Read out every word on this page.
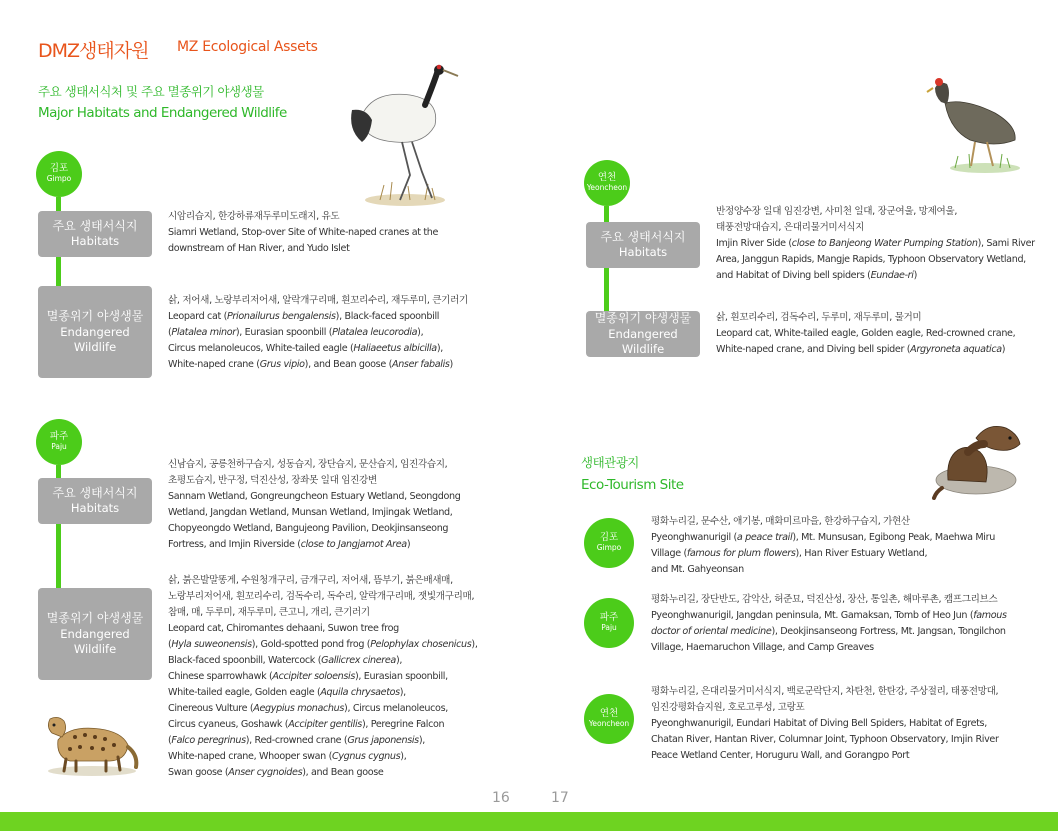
DMZ생태자원 MZ Ecological Assets
주요 생태서식처 및 주요 멸종위기 야생생물
Major Habitats and Endangered Wildlife
김포
Gimpo
주요 생태서식지
Habitats

시암리습지, 한강하류재두루미도래지, 유도

Siamri Wetland, Stop-over Site of White-naped cranes at the

downstream of Han River, and Yudo Islet

멸종위기 야생생물
Endangered Wildlife

삵, 저어새, 노랑부리저어새, 알락개구리매, 흰꼬리수리, 재두루미, 큰기러기

Leopard cat (Prionailurus bengalensis), Black-faced spoonbill

(Platalea minor), Eurasian spoonbill (Platalea leucorodia),

Circus melanoleucos, White-tailed eagle (Haliaeetus albicilla),

White-naped crane (Grus vipio), and Bean goose (Anser fabalis)

파주
Paju
주요 생태서식지
Habitats

신남습지, 공릉천하구습지, 성동습지, 장단습지, 문산습지, 임진각습지,

초평도습지, 반구정, 덕진산성, 장좌못 일대 임진강변

Sannam Wetland, Gongreungcheon Estuary Wetland, Seongdong

Wetland, Jangdan Wetland, Munsan Wetland, Imjingak Wetland,

Chopyeongdo Wetland, Bangujeong Pavilion, Deokjinsanseong

Fortress, and Imjin Riverside (close to Jangjamot Area)

멸종위기 야생생물
Endangered Wildlife

삵, 붉은발말똥게, 수원청개구리, 금개구리, 저어새, 뜸부기, 붉은배새매,

노랑부리저어새, 흰꼬리수리, 검독수리, 독수리, 알락개구리매, 잿빛개구리매,

참매, 매, 두루미, 재두루미, 큰고니, 개리, 큰기러기

Leopard cat, Chiromantes dehaani, Suwon tree frog

(Hyla suweonensis), Gold-spotted pond frog (Pelophylax chosenicus),

Black-faced spoonbill, Watercock (Gallicrex cinerea),

Chinese sparrowhawk (Accipiter soloensis), Eurasian spoonbill,

White-tailed eagle, Golden eagle (Aquila chrysaetos),

Cinereous Vulture (Aegypius monachus), Circus melanoleucos,

Circus cyaneus, Goshawk (Accipiter gentilis), Peregrine Falcon

(Falco peregrinus), Red-crowned crane (Grus japonensis),

White-naped crane, Whooper swan (Cygnus cygnus),

Swan goose (Anser cygnoides), and Bean goose

연천
Yeoncheon
주요 생태서식지
Habitats

반정양수장 일대 임진강변, 사미천 일대, 장군여울, 망제여울,

태풍전망대습지, 은대리물거미서식지

Imjin River Side (close to Banjeong Water Pumping Station), Sami River

Area, Janggun Rapids, Mangje Rapids, Typhoon Observatory Wetland,

and Habitat of Diving bell spiders (Eundae-ri)

멸종위기 야생생물
Endangered Wildlife

삵, 흰꼬리수리, 검독수리, 두루미, 재두루미, 물거미

Leopard cat, White-tailed eagle, Golden eagle, Red-crowned crane,

White-naped crane, and Diving bell spider (Argyroneta aquatica)

생태관광지
Eco-Tourism Site
김포
Gimpo

평화누리길, 문수산, 애기봉, 매화미르마을, 한강하구습지, 가현산

Pyeonghwanurigil (a peace trail), Mt. Munsusan, Egibong Peak, Maehwa Miru

Village (famous for plum flowers), Han River Estuary Wetland,

and Mt. Gahyeonsan

파주
Paju

평화누리길, 장단반도, 감악산, 허준묘, 덕진산성, 장산, 통일촌, 해마루촌, 캠프그리브스

Pyeonghwanurigil, Jangdan peninsula, Mt. Gamaksan, Tomb of Heo Jun (famous

doctor of oriental medicine), Deokjinsanseong Fortress, Mt. Jangsan, Tongilchon

Village, Haemaruchon Village, and Camp Greaves

연천
Yeoncheon

평화누리길, 은대리물거미서식지, 백로군락단지, 차탄천, 한탄강, 주상절리, 태풍전망대,

임진강평화습지원, 호로고루성, 고랑포

Pyeonghwanurigil, Eundari Habitat of Diving Bell Spiders, Habitat of Egrets,

Chatan River, Hantan River, Columnar Joint, Typhoon Observatory, Imjin River

Peace Wetland Center, Horuguru Wall, and Gorangpo Port

16	17
